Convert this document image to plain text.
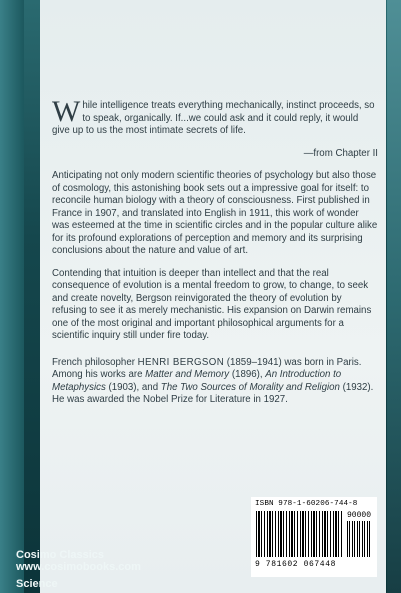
While intelligence treats everything mechanically, instinct proceeds, so to speak, organically. If...we could ask and it could reply, it would give up to us the most intimate secrets of life.

—from Chapter II

Anticipating not only modern scientific theories of psychology but also those of cosmology, this astonishing book sets out a impressive goal for itself: to reconcile human biology with a theory of consciousness. First published in France in 1907, and translated into English in 1911, this work of wonder was esteemed at the time in scientific circles and in the popular culture alike for its profound explorations of perception and memory and its surprising conclusions about the nature and value of art.

Contending that intuition is deeper than intellect and that the real consequence of evolution is a mental freedom to grow, to change, to seek and create novelty, Bergson reinvigorated the theory of evolution by refusing to see it as merely mechanistic. His expansion on Darwin remains one of the most original and important philosophical arguments for a scientific inquiry still under fire today.

French philosopher HENRI BERGSON (1859–1941) was born in Paris. Among his works are Matter and Memory (1896), An Introduction to Metaphysics (1903), and The Two Sources of Morality and Religion (1932). He was awarded the Nobel Prize for Literature in 1927.

Cosimo Classics
www.cosimobooks.com
Science
ISBN 978-1-60206-744-8
90000
9 781602 067448
